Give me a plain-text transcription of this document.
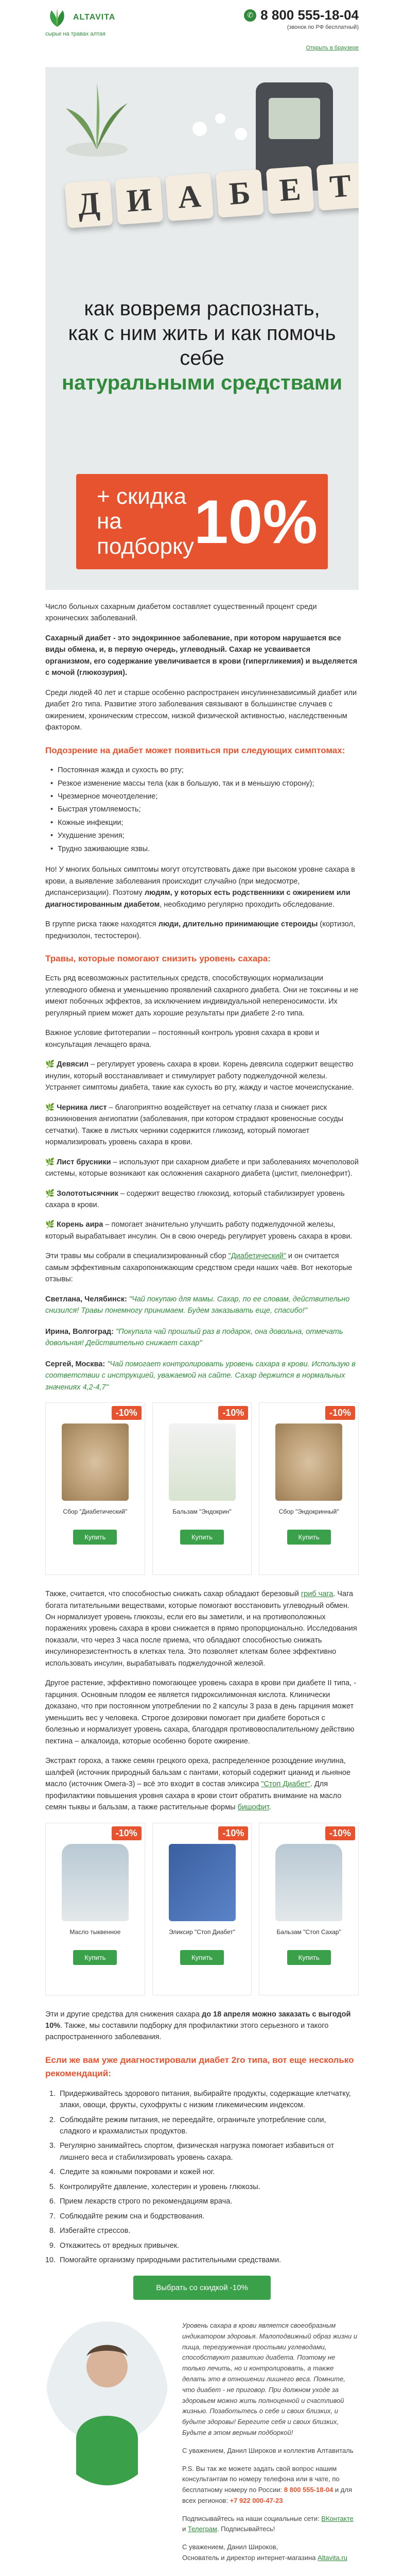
ALTAVITA
сырье на травах алтая
✆ 8 800 555-18-04
(звонок по РФ бесплатный)
Открыть в браузере
Д И А Б Е Т
как вовремя распознать,
как с ним жить и как помочь себе
натуральными средствами
+ скидка
на подборку 10%

Число больных сахарным диабетом составляет существенный процент среди хронических заболеваний.

Сахарный диабет - это эндокринное заболевание, при котором нарушается все виды обмена, и, в первую очередь, углеводный. Сахар не усваивается организмом, его содержание увеличивается в крови (гипергликемия) и выделяется с мочой (глюкозурия).

Среди людей 40 лет и старше особенно распространен инсулиннезависимый диабет или диабет 2го типа. Развитие этого заболевания связывают в большинстве случаев с ожирением, хроническим стрессом, низкой физической активностью, наследственным фактором.

Подозрение на диабет может появиться при следующих симптомах:
• Постоянная жажда и сухость во рту;
• Резкое изменение массы тела (как в большую, так и в меньшую сторону);
• Чрезмерное мочеотделение;
• Быстрая утомляемость;
• Кожные инфекции;
• Ухудшение зрения;
• Трудно заживающие язвы.

Но! У многих больных симптомы могут отсутствовать даже при высоком уровне сахара в крови, а выявление заболевания происходит случайно (при медосмотре, диспансеризации). Поэтому людям, у которых есть родственники с ожирением или диагностированным диабетом, необходимо регулярно проходить обследование.

В группе риска также находятся люди, длительно принимающие стероиды (кортизол, преднизолон, тестостерон).

Травы, которые помогают снизить уровень сахара:

Есть ряд всевозможных растительных средств, способствующих нормализации углеводного обмена и уменьшению проявлений сахарного диабета. Они не токсичны и не имеют побочных эффектов, за исключением индивидуальной непереносимости. Их регулярный прием может дать хорошие результаты при диабете 2-го типа.

Важное условие фитотерапии – постоянный контроль уровня сахара в крови и консультация лечащего врача.

🌿 Девясил – регулирует уровень сахара в крови. Корень девясила содержит вещество инулин, который восстанавливает и стимулирует работу поджелудочной железы. Устраняет симптомы диабета, такие как сухость во рту, жажду и частое мочеиспускание.

🌿 Черника лист – благоприятно воздействует на сетчатку глаза и снижает риск возникновения ангиопатии (заболевания, при котором страдают кровеносные сосуды сетчатки). Также в листьях черники содержится гликозид, который помогает нормализировать уровень сахара в крови.

🌿 Лист брусники – используют при сахарном диабете и при заболеваниях мочеполовой системы, которые возникают как осложнения сахарного диабета (цистит, пиелонефрит).

🌿 Золототысячник – содержит вещество глюкозид, который стабилизирует уровень сахара в крови.

🌿 Корень аира – помогает значительно улучшить работу поджелудочной железы, который вырабатывает инсулин. Он в свою очередь регулирует уровень сахара в крови.

Эти травы мы собрали в специализированный сбор "Диабетический" и он считается самым эффективным сахаропонижающим средством среди наших чаёв. Вот некоторые отзывы:

Светлана, Челябинск: "Чай покупаю для мамы. Сахар, по ее словам, действительно снизился! Травы понемногу принимаем. Будем заказывать еще, спасибо!"
Ирина, Волгоград: "Покупала чай прошлый раз в подарок, она довольна, отмечать довольная! Действительно снижает сахар"
Сергей, Москва: "Чай помогает контролировать уровень сахара в крови. Использую в соответствии с инструкцией, уважаемой на сайте. Сахар держится в нормальных значениях 4,2-4,7"
-10%
Сбор "Диабетический"
Купить
-10%
Бальзам "Эндокрин"
Купить
-10%
Сбор "Эндокринный"
Купить

Также, считается, что способностью снижать сахар обладают березовый гриб чага. Чага богата питательными веществами, которые помогают восстановить углеводный обмен. Он нормализует уровень глюкозы, если его вы заметили, и на противоположных поражениях уровень сахара в крови снижается в прямо пропорционально. Исследования показали, что через 3 часа после приема, что обладают способностью снижать инсулинорезистентность в клетках тела. Это позволяет клеткам более эффективно использовать инсулин, вырабатывать поджелудочной железой.

Другое растение, эффективно помогающее уровень сахара в крови при диабете II типа, - гарциния. Основным плодом ее является гидроксилимонная кислота. Клинически доказано, что при постоянном употреблении по 2 капсулы 3 раза в день гарциния может уменьшить вес у человека. Строгое дозировки помогает при диабете бороться с болезнью и нормализует уровень сахара, благодаря противовоспалительному действию пектина – алкалоида, которые особенно бороте ожирение.

Экстракт гороха, а также семян грецкого ореха, распределенное розоцдение инулина, шалфей (источник природный бальзам с пантами, который содержит цианид и льняное масло (источник Омега-3) – всё это входит в состав эликсира "Стоп Диабет". Для профилактики повышения уровня сахара в крови стоит обратить внимание на масло семян тыквы и бальзам, а также растительные формы бишофит.

-10%
Масло тыквенное
Купить
-10%
Эликсир "Стоп Диабет"
Купить
-10%
Бальзам "Стоп Сахар"
Купить

Эти и другие средства для снижения сахара до 18 апреля можно заказать с выгодой 10%. Также, мы составили подборку для профилактики этого серьезного и такого распространенного заболевания.

Если же вам уже диагностировали диабет 2го типа, вот еще несколько рекомендаций:
1. Придерживайтесь здорового питания, выбирайте продукты, содержащие клетчатку, злаки, овощи, фрукты, сухофрукты с низким гликемическим индексом.
2. Соблюдайте режим питания, не переедайте, ограничьте употребление соли, сладкого и крахмалистых продуктов.
3. Регулярно занимайтесь спортом, физическая нагрузка помогает избавиться от лишнего веса и стабилизировать уровень сахара.
4. Следите за кожными покровами и кожей ног.
5. Контролируйте давление, холестерин и уровень глюкозы.
6. Прием лекарств строго по рекомендациям врача.
7. Соблюдайте режим сна и бодрствования.
8. Избегайте стрессов.
9. Откажитесь от вредных привычек.
10. Помогайте организму природными растительными средствами.
Выбрать со скидкой -10%

Уровень сахара в крови является своеобразным индикатором здоровья. Малоподвижный образ жизни и пища, перегруженная простыми углеводами, способствуют развитию диабета. Поэтому не только лечить, но и контролировать, а также делать это в отношении лишнего веса. Помните, что диабет - не приговор. При должном уходе за здоровьем можно жить полноценной и счастливой жизнью. Позаботьтесь о себе и своих близких, и будьте здоровы! Берегите себя и своих близких, Будьте в этом верным подборкой!

С уважением, Данил Широков и коллектив Алтавиталь

P.S. Вы так же можете задать свой вопрос нашим консультантам по номеру телефона или в чате, по бесплатному номеру по России: 8 800 555-18-04 и для всех регионов: +7 922 000-47-23

Подписывайтесь на наши социальные сети: ВКонтакте и Телеграм. Подписывайтесь!

С уважением, Данил Широков,
Основатель и директор интернет-магазина Altavita.ru
